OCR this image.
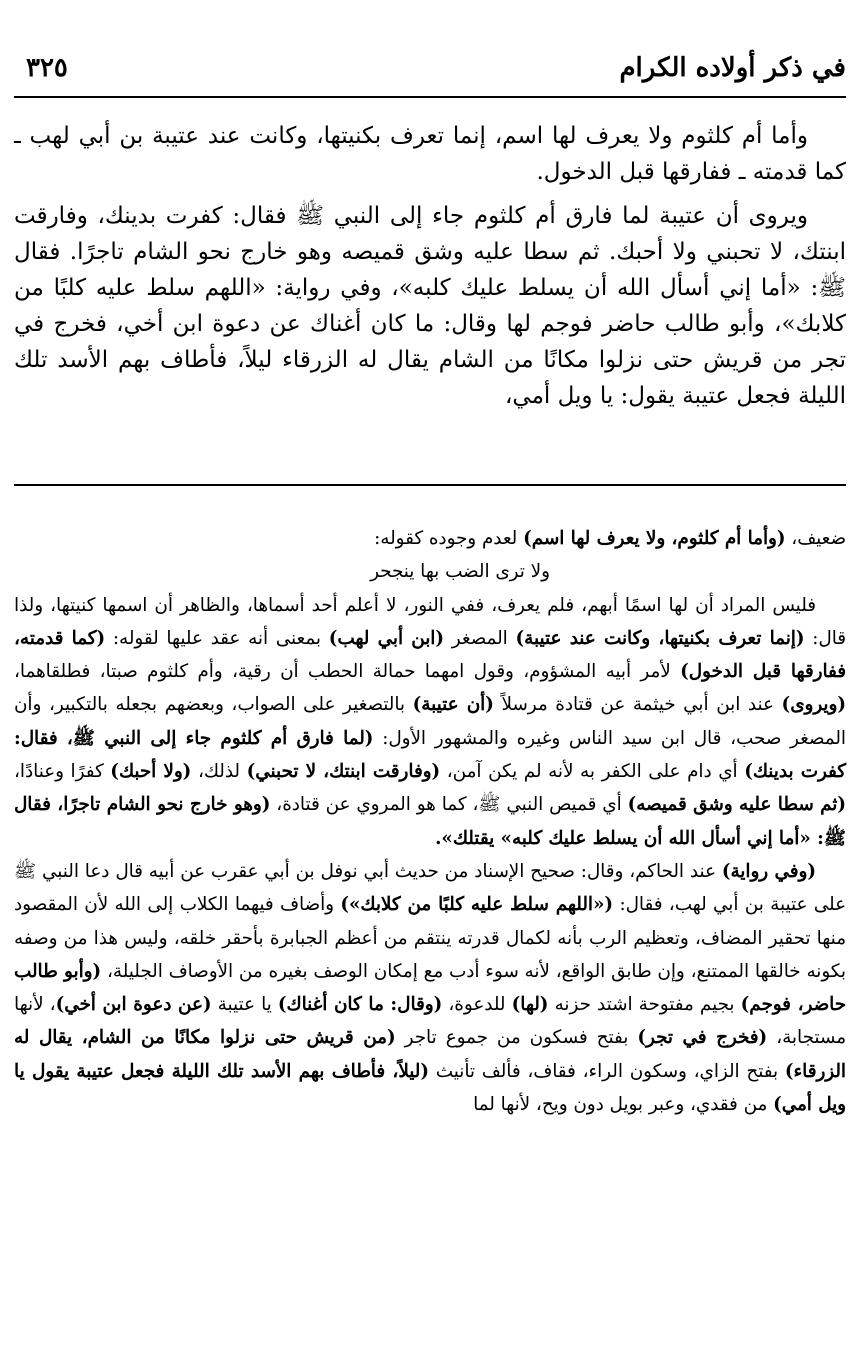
في ذكر أولاده الكرام
٣٢٥

وأما أم كلثوم ولا يعرف لها اسم، إنما تعرف بكنيتها، وكانت عند عتيبة بن أبي لهب ـ كما قدمته ـ ففارقها قبل الدخول.

ويروى أن عتيبة لما فارق أم كلثوم جاء إلى النبي ﷺ فقال: كفرت بدينك، وفارقت ابنتك، لا تحبني ولا أحبك. ثم سطا عليه وشق قميصه وهو خارج نحو الشام تاجرًا. فقال ﷺ: «أما إني أسأل الله أن يسلط عليك كلبه»، وفي رواية: «اللهم سلط عليه كلبًا من كلابك»، وأبو طالب حاضر فوجم لها وقال: ما كان أغناك عن دعوة ابن أخي، فخرج في تجر من قريش حتى نزلوا مكانًا من الشام يقال له الزرقاء ليلاً، فأطاف بهم الأسد تلك الليلة فجعل عتيبة يقول: يا ويل أمي،

ضعيف، (وأما أم كلثوم، ولا يعرف لها اسم) لعدم وجوده كقوله:

ولا ترى الضب بها ينجحر

فليس المراد أن لها اسمًا أبهم، فلم يعرف، ففي النور، لا أعلم أحد أسماها، والظاهر أن اسمها كنيتها، ولذا قال: (إنما تعرف بكنيتها، وكانت عند عتيبة) المصغر (ابن أبي لهب) بمعنى أنه عقد عليها لقوله: (كما قدمته، ففارقها قبل الدخول) لأمر أبيه المشؤوم، وقول امهما حمالة الحطب أن رقية، وأم كلثوم صبتا، فطلقاهما، (ويروى) عند ابن أبي خيثمة عن قتادة مرسلاً (أن عتيبة) بالتصغير على الصواب، وبعضهم بجعله بالتكبير، وأن المصغر صحب، قال ابن سيد الناس وغيره والمشهور الأول: (لما فارق أم كلثوم جاء إلى النبي ﷺ، فقال: كفرت بدينك) أي دام على الكفر به لأنه لم يكن آمن، (وفارقت ابنتك، لا تحبني) لذلك، (ولا أحبك) كفرًا وعنادًا، (ثم سطا عليه وشق قميصه) أي قميص النبي ﷺ، كما هو المروي عن قتادة، (وهو خارج نحو الشام تاجرًا، فقال ﷺ: «أما إني أسأل الله أن يسلط عليك كلبه» يقتلك».

(وفي رواية) عند الحاكم، وقال: صحيح الإسناد من حديث أبي نوفل بن أبي عقرب عن أبيه قال دعا النبي ﷺ على عتيبة بن أبي لهب، فقال: («اللهم سلط عليه كلبًا من كلابك») وأضاف فيهما الكلاب إلى الله لأن المقصود منها تحقير المضاف، وتعظيم الرب بأنه لكمال قدرته ينتقم من أعظم الجبابرة بأحقر خلقه، وليس هذا من وصفه بكونه خالقها الممتنع، وإن طابق الواقع، لأنه سوء أدب مع إمكان الوصف بغيره من الأوصاف الجليلة، (وأبو طالب حاضر، فوجم) بجيم مفتوحة اشتد حزنه (لها) للدعوة، (وقال: ما كان أغناك) يا عتيبة (عن دعوة ابن أخي)، لأنها مستجابة، (فخرج في تجر) بفتح فسكون من جموع تاجر (من قريش حتى نزلوا مكانًا من الشام، يقال له الزرقاء) بفتح الزاي، وسكون الراء، فقاف، فألف تأنيث (ليلاً، فأطاف بهم الأسد تلك الليلة فجعل عتيبة يقول يا ويل أمي) من فقدي، وعبر بويل دون ويح، لأنها لما
